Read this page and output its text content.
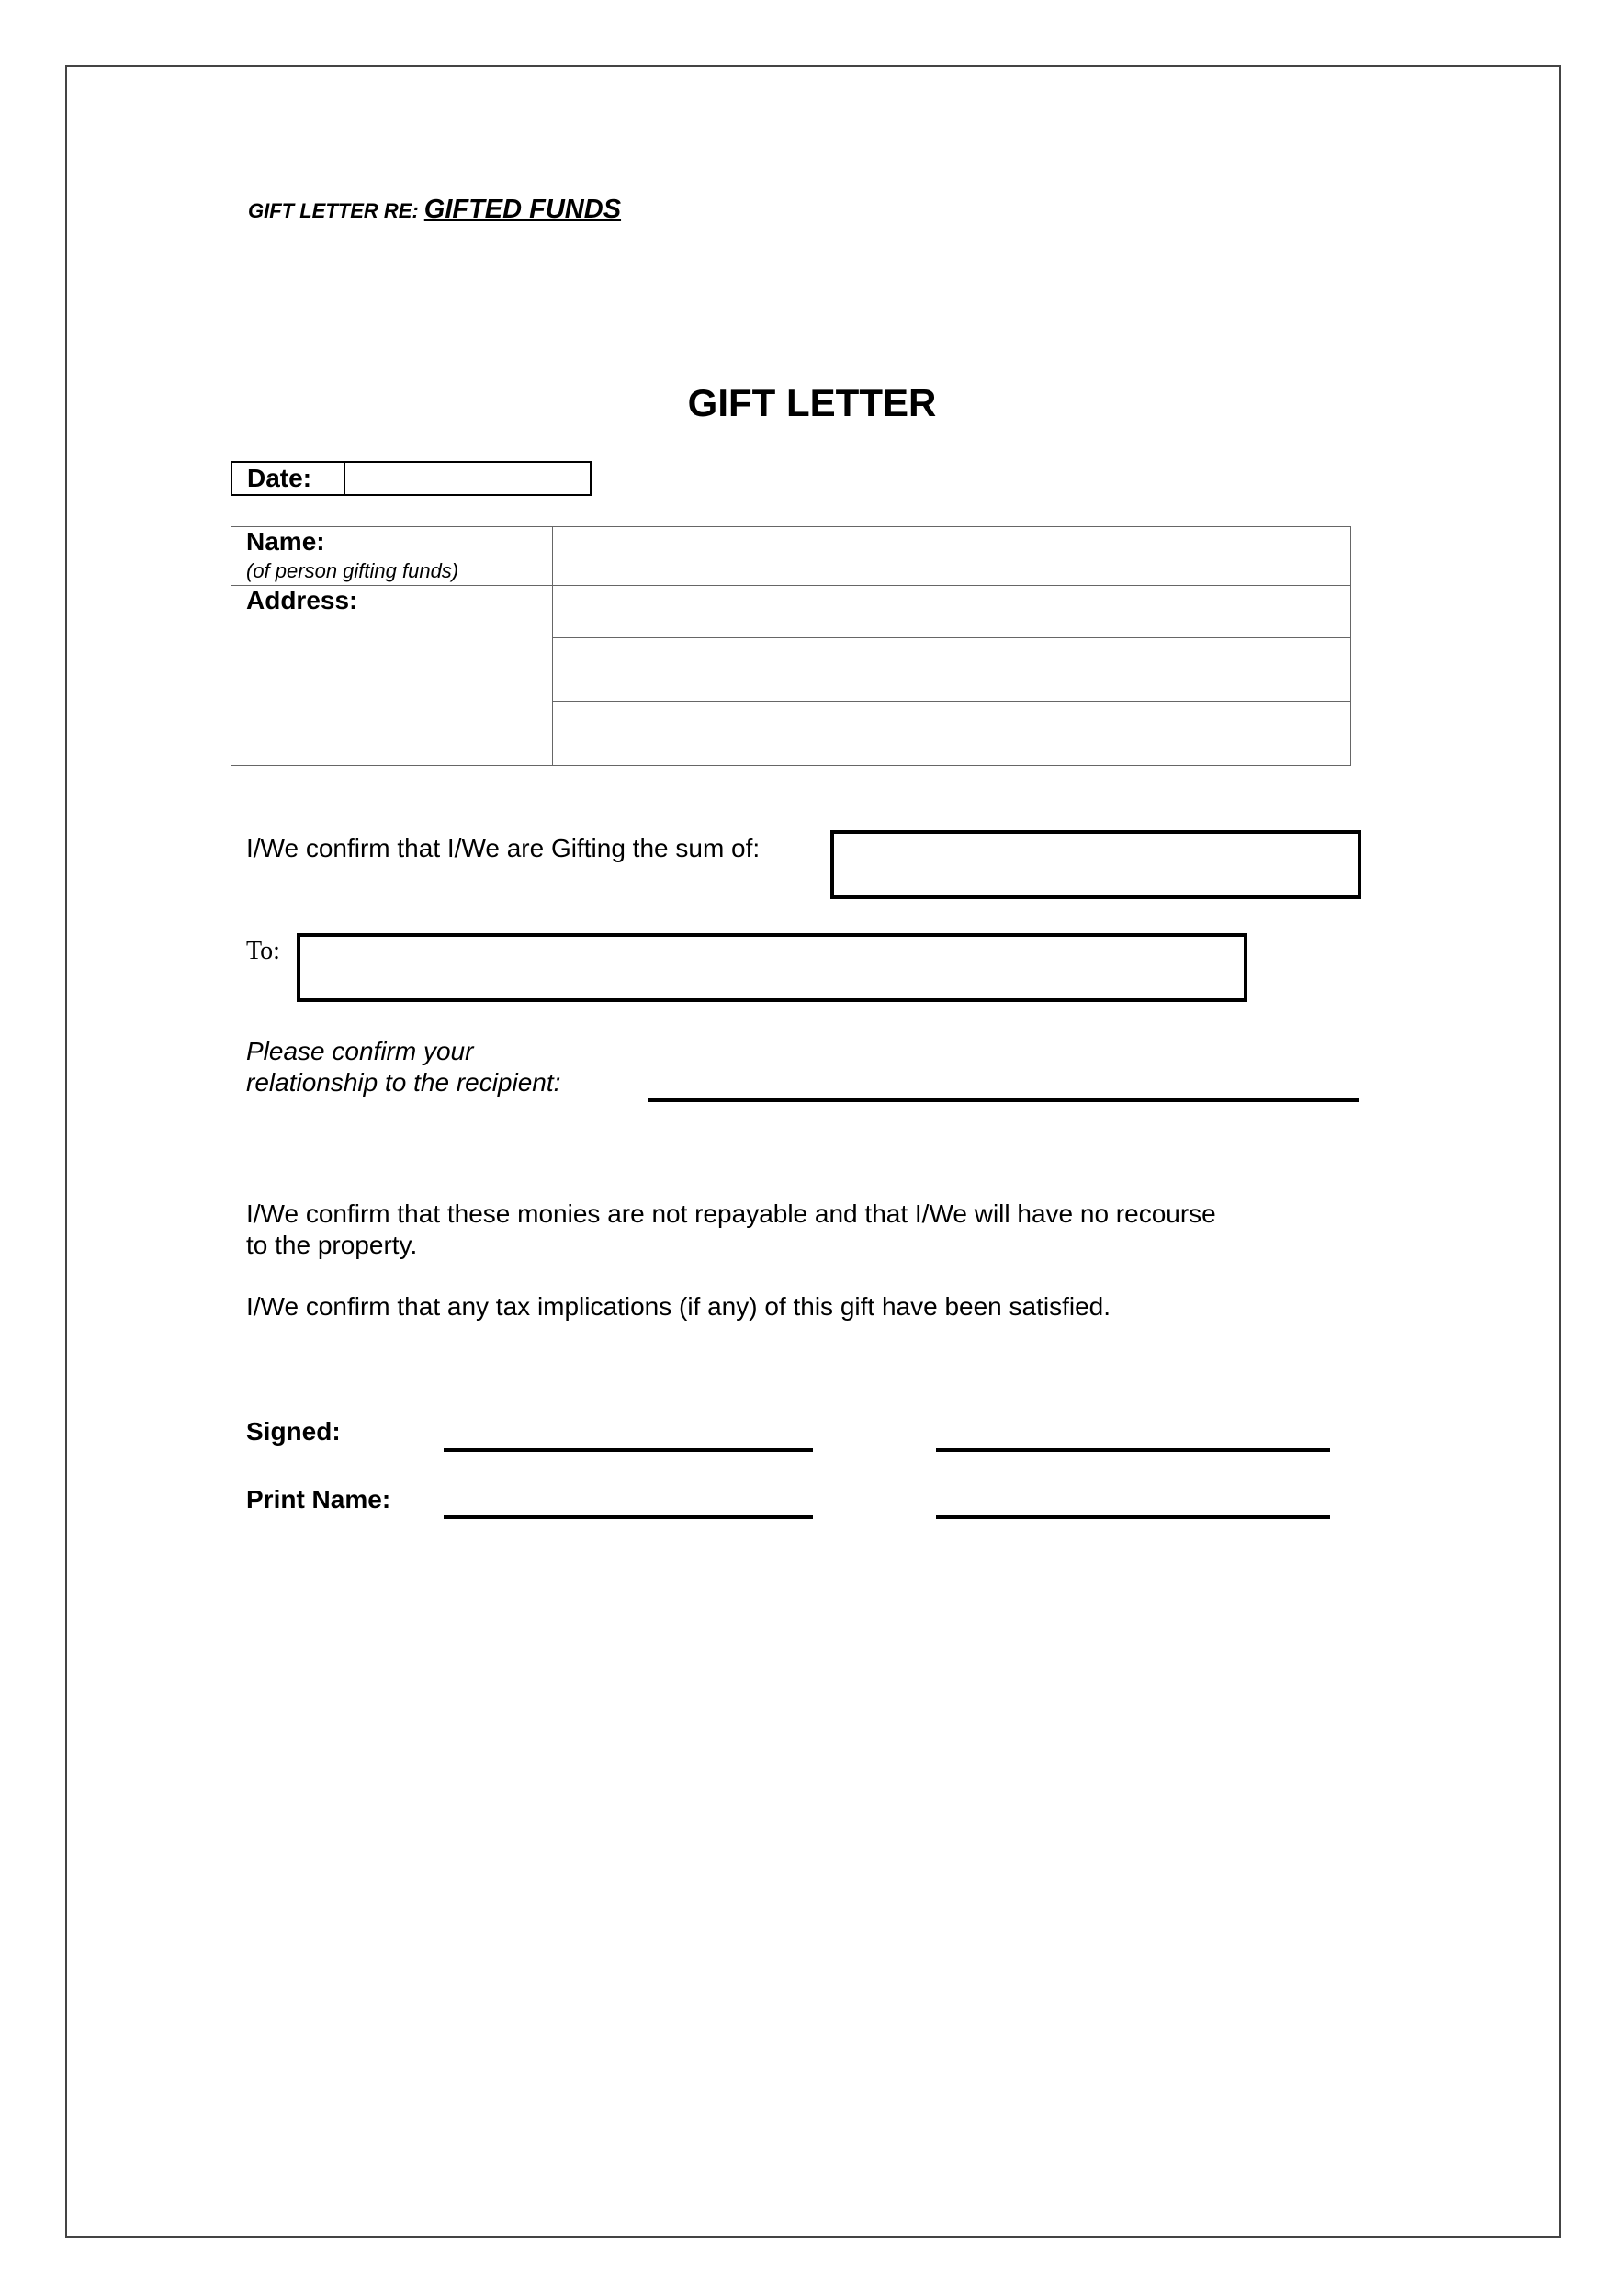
GIFT LETTER RE: GIFTED FUNDS
GIFT LETTER
Date:
Name:
(of person gifting funds)
Address:
I/We confirm that I/We are Gifting the sum of:
To:
Please confirm your
relationship to the recipient:
I/We confirm that these monies are not repayable and that I/We will have no recourse
to the property.
I/We confirm that any tax implications (if any) of this gift have been satisfied.
Signed:
Print Name:
